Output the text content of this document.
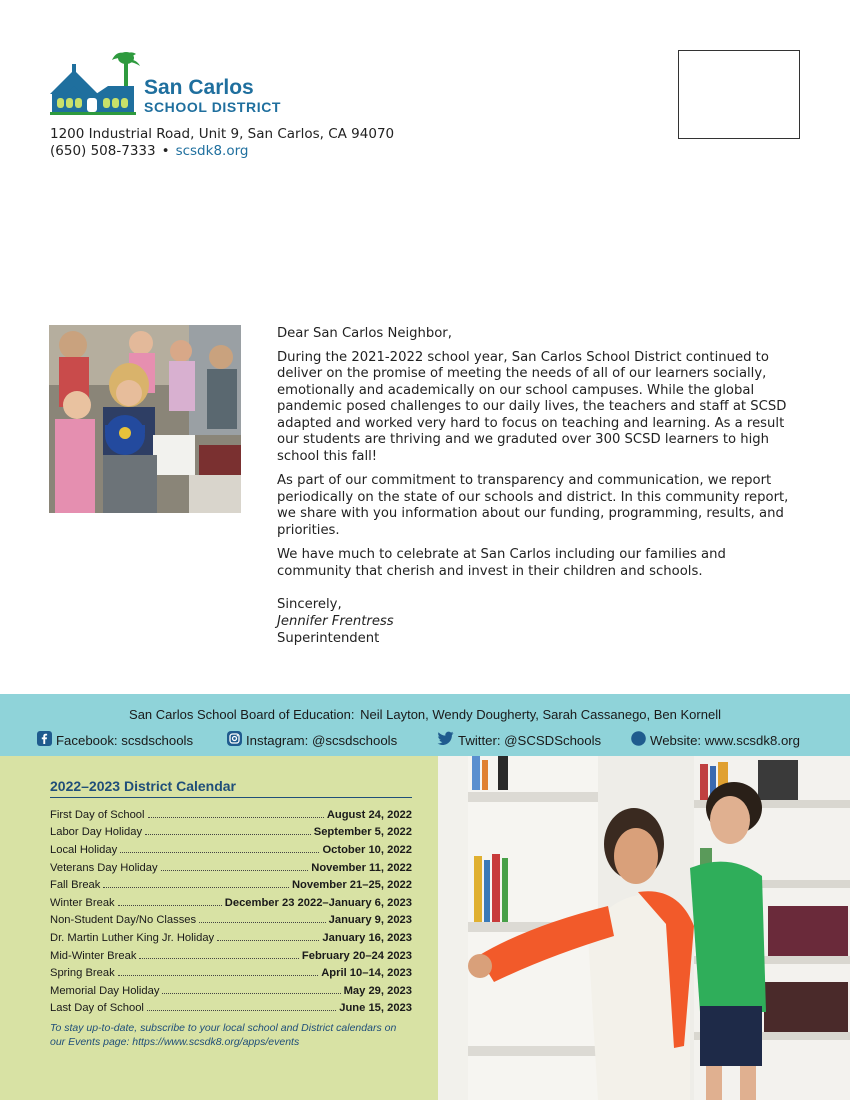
San Carlos
SCHOOL DISTRICT
1200 Industrial Road, Unit 9, San Carlos, CA 94070
(650) 508-7333 • scsdk8.org

Dear San Carlos Neighbor,

During the 2021-2022 school year, San Carlos School District continued to deliver on the promise of meeting the needs of all of our learners socially, emotionally and academically on our school campuses. While the global pandemic posed challenges to our daily lives, the teachers and staff at SCSD adapted and worked very hard to focus on teaching and learning. As a result our students are thriving and we graduted over 300 SCSD learners to high school this fall!

As part of our commitment to transparency and communication, we report periodically on the state of our schools and district. In this community report, we share with you information about our funding, programming, results, and priorities.

We have much to celebrate at San Carlos including our families and community that cherish and invest in their children and schools.

Sincerely,
Jennifer Frentress
Superintendent
San Carlos School Board of Education: Neil Layton, Wendy Dougherty, Sarah Cassanego, Ben Kornell
Facebook: scsdschools	Instagram: @scsdschools	Twitter: @SCSDSchools	Website: www.scsdk8.org
2022–2023 District Calendar
First Day of School	August 24, 2022
Labor Day Holiday	September 5, 2022
Local Holiday	October 10, 2022
Veterans Day Holiday	November 11, 2022
Fall Break	November 21–25, 2022
Winter Break	December 23 2022–January 6, 2023
Non-Student Day/No Classes	January 9, 2023
Dr. Martin Luther King Jr. Holiday	January 16, 2023
Mid-Winter Break	February 20–24 2023
Spring Break	April 10–14, 2023
Memorial Day Holiday	May 29, 2023
Last Day of School	June 15, 2023
To stay up-to-date, subscribe to your local school and District calendars on our Events page: https://www.scsdk8.org/apps/events
